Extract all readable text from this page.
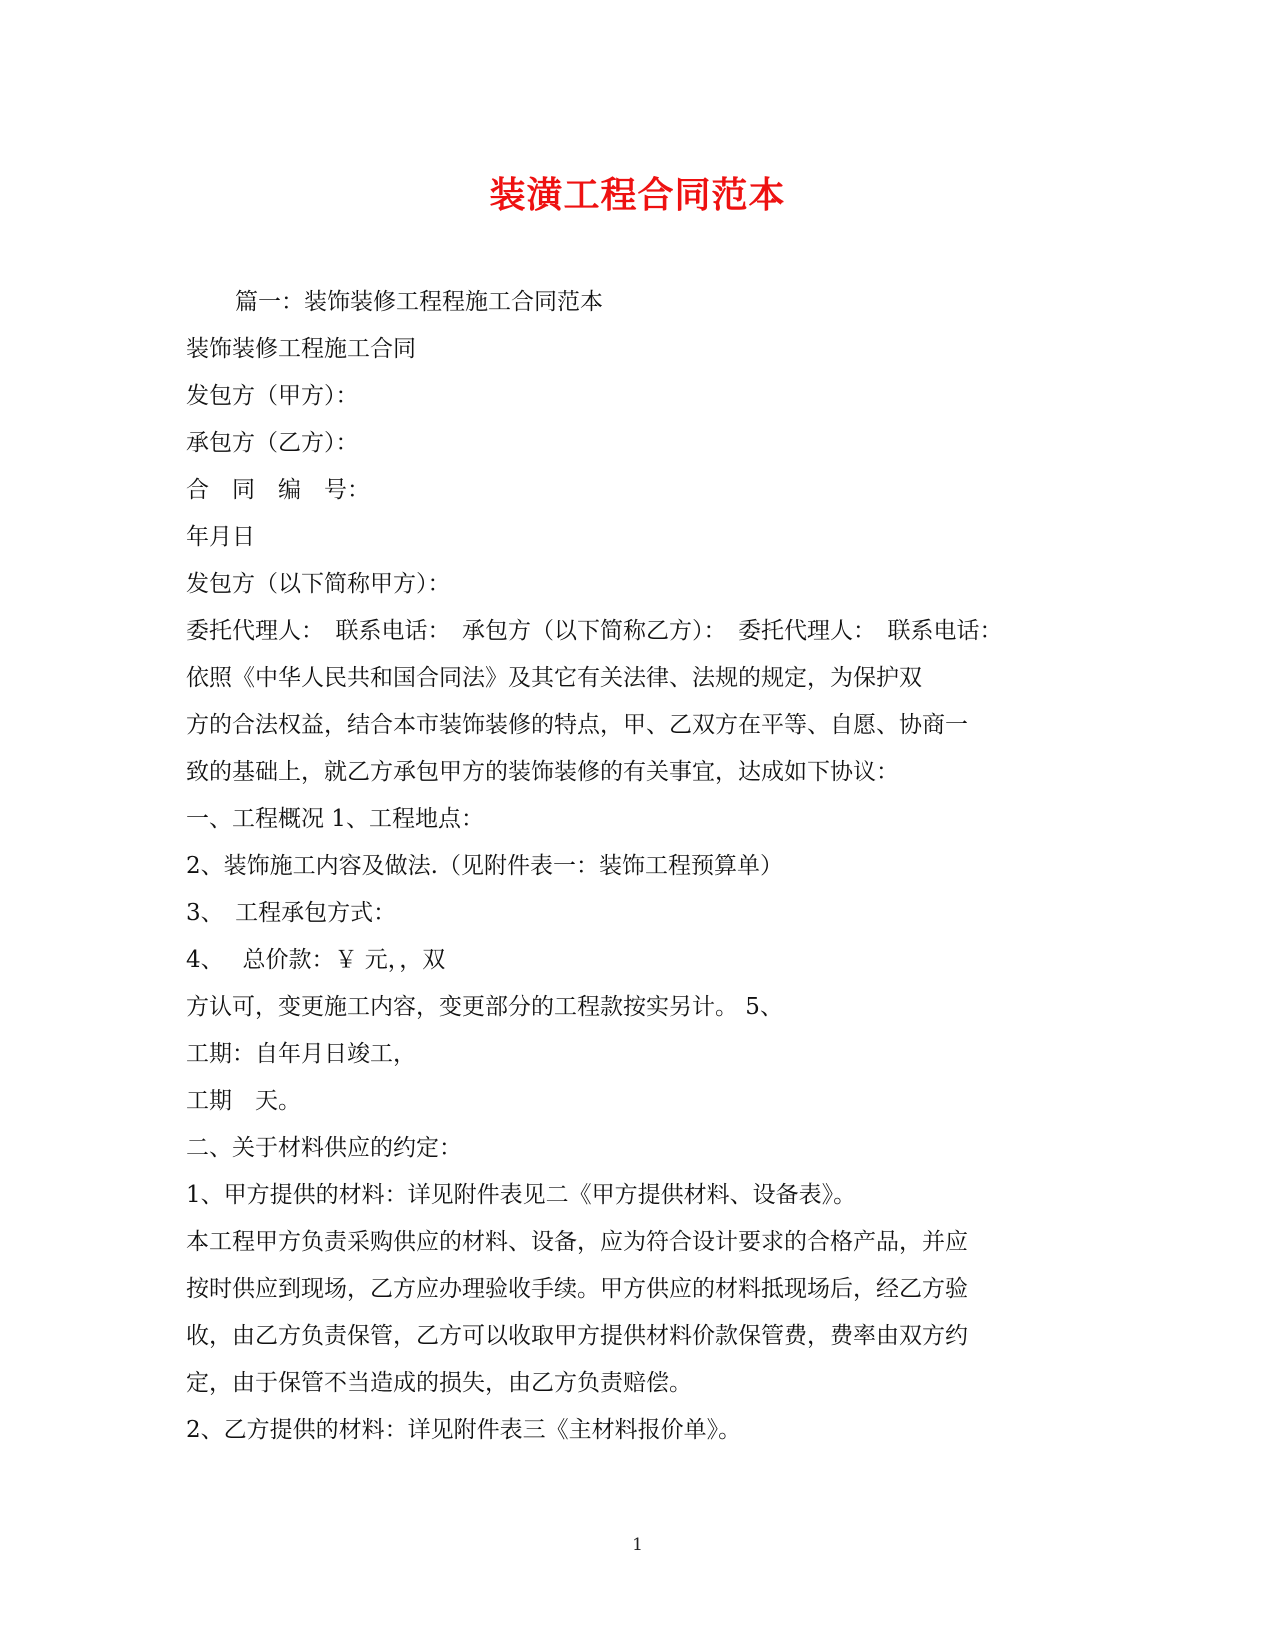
装潢工程合同范本

篇一：装饰装修工程程施工合同范本

装饰装修工程施工合同

发包方（甲方）：

承包方（乙方）：

合　同　编　号：

年月日

发包方（以下简称甲方）：

委托代理人：　联系电话：　承包方（以下简称乙方）：　委托代理人：　联系电话：

依照《中华人民共和国合同法》及其它有关法律、法规的规定，为保护双

方的合法权益，结合本市装饰装修的特点，甲、乙双方在平等、自愿、协商一

致的基础上，就乙方承包甲方的装饰装修的有关事宜，达成如下协议：

一、工程概况 1、工程地点：

2、装饰施工内容及做法.（见附件表一：装饰工程预算单）

3、　工程承包方式：

4、　 总价款：￥ 元，，双

方认可，变更施工内容，变更部分的工程款按实另计。 5、

工期：自年月日竣工，

工期　天。

二、关于材料供应的约定：

1、甲方提供的材料：详见附件表见二《甲方提供材料、设备表》。

本工程甲方负责采购供应的材料、设备，应为符合设计要求的合格产品，并应

按时供应到现场，乙方应办理验收手续。甲方供应的材料抵现场后，经乙方验

收，由乙方负责保管，乙方可以收取甲方提供材料价款保管费，费率由双方约

定，由于保管不当造成的损失，由乙方负责赔偿。

2、乙方提供的材料：详见附件表三《主材料报价单》。

1
